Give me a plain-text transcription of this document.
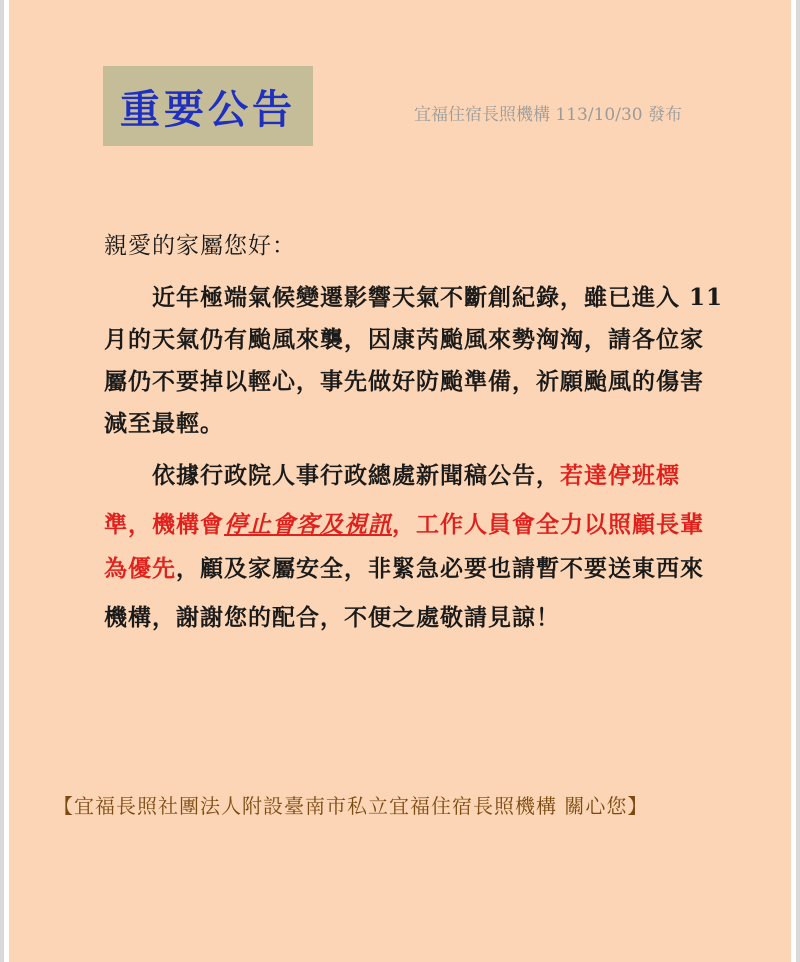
重要公告	宜福住宿長照機構 113/10/30 發布
親愛的家屬您好：
近年極端氣候變遷影響天氣不斷創紀錄，雖已進入 11
月的天氣仍有颱風來襲，因康芮颱風來勢洶洶，請各位家
屬仍不要掉以輕心，事先做好防颱準備，祈願颱風的傷害
減至最輕。
依據行政院人事行政總處新聞稿公告，若達停班標
準，機構會停止會客及視訊，工作人員會全力以照顧長輩
為優先，顧及家屬安全，非緊急必要也請暫不要送東西來
機構，謝謝您的配合，不便之處敬請見諒！
【宜福長照社團法人附設臺南市私立宜福住宿長照機構 關心您】
